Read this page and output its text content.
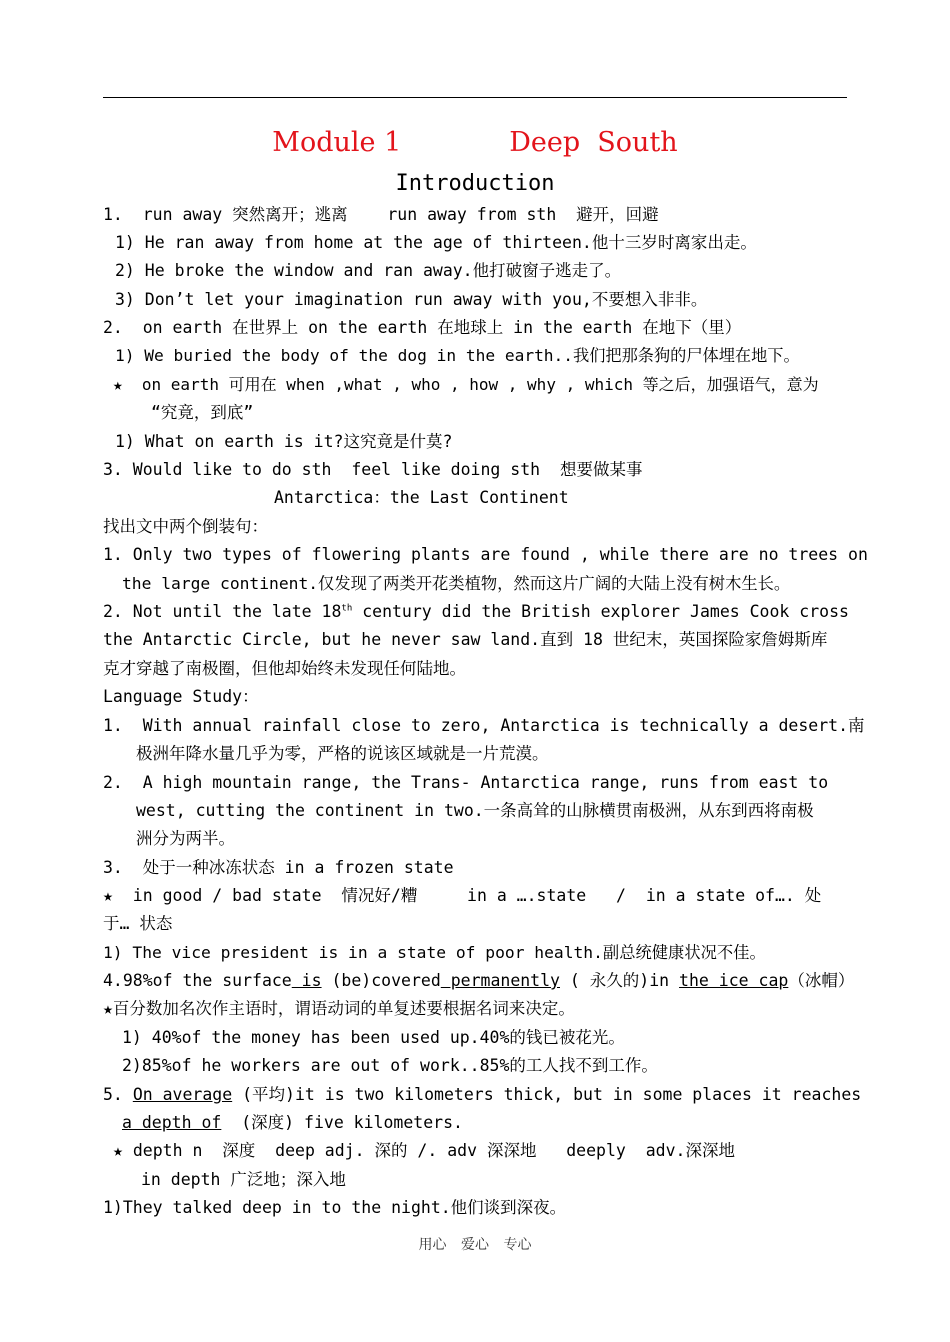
Module 1	Deep  South
Introduction
1.  run away 突然离开；逃离    run away from sth  避开，回避
1) He ran away from home at the age of thirteen.他十三岁时离家出走。
2) He broke the window and ran away.他打破窗子逃走了。
3) Don’t let your imagination run away with you,不要想入非非。
2.  on earth 在世界上 on the earth 在地球上 in the earth 在地下（里）
1) We buried the body of the dog in the earth..我们把那条狗的尸体埋在地下。
★  on earth 可用在 when ,what , who , how , why , which 等之后，加强语气，意为
“究竟，到底”
1) What on earth is it?这究竟是什莫?
3. Would like to do sth  feel like doing sth  想要做某事
Antarctica：the Last Continent
找出文中两个倒装句：
1. Only two types of flowering plants are found , while there are no trees on
the large continent.仅发现了两类开花类植物，然而这片广阔的大陆上没有树木生长。
2. Not until the late 18th century did the British explorer James Cook cross
the Antarctic Circle, but he never saw land.直到 18 世纪末，英国探险家詹姆斯库
克才穿越了南极圈，但他却始终未发现任何陆地。
Language Study：
1.  With annual rainfall close to zero, Antarctica is technically a desert.南
极洲年降水量几乎为零，严格的说该区域就是一片荒漠。
2.  A high mountain range, the Trans- Antarctica range, runs from east to
west, cutting the continent in two.一条高耸的山脉横贯南极洲，从东到西将南极
洲分为两半。
3.  处于一种冰冻状态 in a frozen state
★  in good / bad state  情况好/糟     in a ….state   /  in a state of…. 处
于… 状态
1) The vice president is in a state of poor health.副总统健康状况不佳。
4.98%of the surface is (be)covered permanently ( 永久的)in the ice cap（冰帽）
★百分数加名次作主语时，谓语动词的单复述要根据名词来决定。
1) 40%of the money has been used up.40%的钱已被花光。
2)85%of he workers are out of work..85%的工人找不到工作。
5. On average (平均)it is two kilometers thick, but in some places it reaches
a depth of  (深度) five kilometers.
★ depth n  深度  deep adj. 深的 /. adv 深深地   deeply  adv.深深地
in depth 广泛地；深入地
1)They talked deep in to the night.他们谈到深夜。
用心 爱心 专心
